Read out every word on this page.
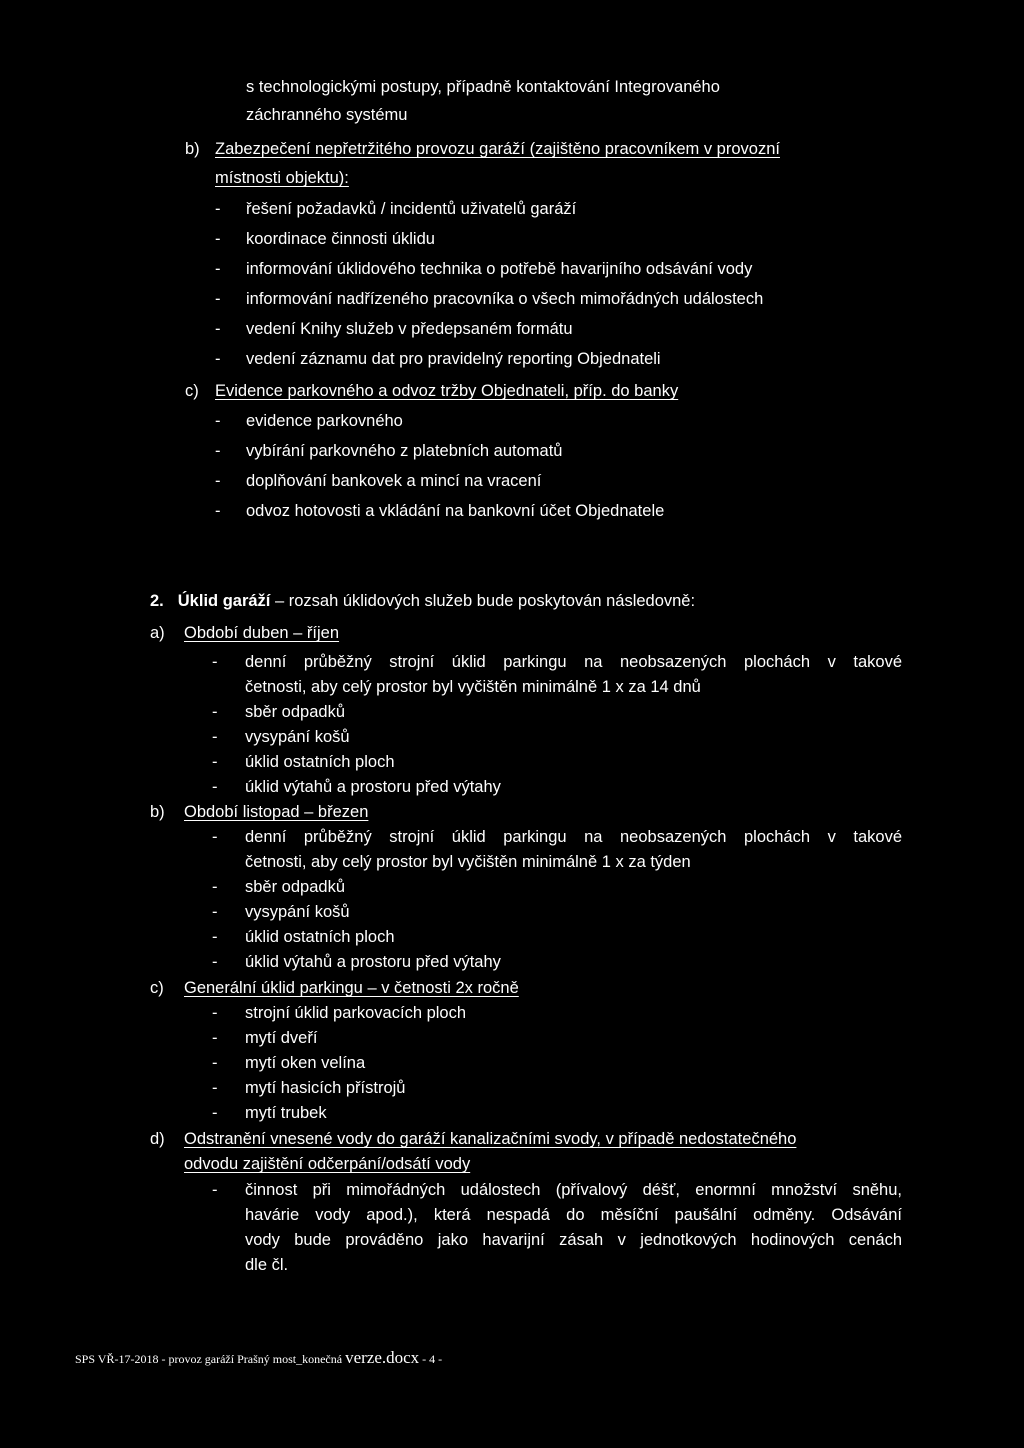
s technologickými postupy, případně kontaktování Integrovaného
záchranného systému
b) Zabezpečení nepřetržitého provozu garáží (zajištěno pracovníkem v provozní
místnosti objektu):
- řešení požadavků / incidentů uživatelů garáží
- koordinace činnosti úklidu
- informování úklidového technika o potřebě havarijního odsávání vody
- informování nadřízeného pracovníka o všech mimořádných událostech
- vedení Knihy služeb v předepsaném formátu
- vedení záznamu dat pro pravidelný reporting Objednateli
c) Evidence parkovného a odvoz tržby Objednateli, příp. do banky
- evidence parkovného
- vybírání parkovného z platebních automatů
- doplňování bankovek a mincí na vracení
- odvoz hotovosti a vkládání na bankovní účet Objednatele
2. Úklid garáží – rozsah úklidových služeb bude poskytován následovně:
a) Období duben – říjen
- denní průběžný strojní úklid parkingu na neobsazených plochách v takové
četnosti, aby celý prostor byl vyčištěn minimálně 1 x za 14 dnů
- sběr odpadků
- vysypání košů
- úklid ostatních ploch
- úklid výtahů a prostoru před výtahy
b) Období listopad – březen
- denní průběžný strojní úklid parkingu na neobsazených plochách v takové
četnosti, aby celý prostor byl vyčištěn minimálně 1 x za týden
- sběr odpadků
- vysypání košů
- úklid ostatních ploch
- úklid výtahů a prostoru před výtahy
c) Generální úklid parkingu – v četnosti 2x ročně
- strojní úklid parkovacích ploch
- mytí dveří
- mytí oken velína
- mytí hasicích přístrojů
- mytí trubek
d) Odstranění vnesené vody do garáží kanalizačními svody, v případě nedostatečného
odvodu zajištění odčerpání/odsátí vody
- činnost při mimořádných událostech (přívalový déšť, enormní množství sněhu,
havárie vody apod.), která nespadá do měsíční paušální odměny. Odsávání
vody bude prováděno jako havarijní zásah v jednotkových hodinových cenách
dle čl.
SPS VŘ-17-2018 - provoz garáží Prašný most_konečná verze.docx - 4 -
